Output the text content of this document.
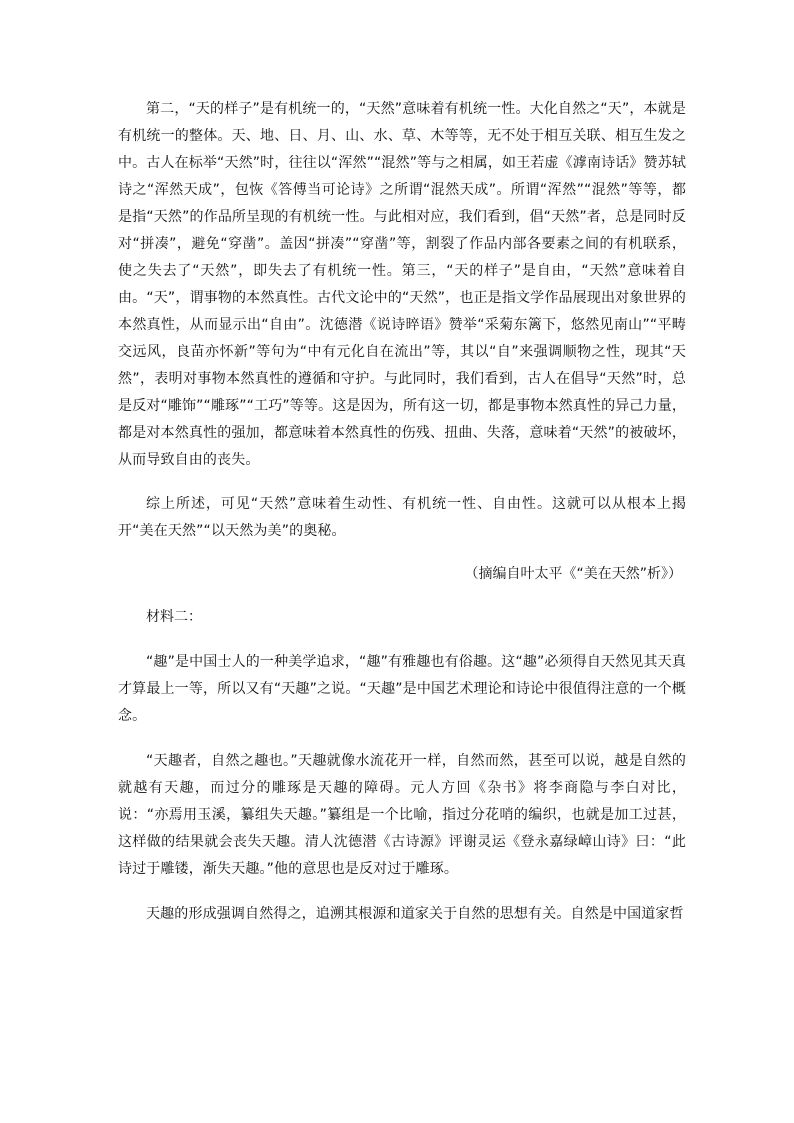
第二，“天的样子”是有机统一的，“天然”意味着有机统一性。大化自然之“天”，本就是有机统一的整体。天、地、日、月、山、水、草、木等等，无不处于相互关联、相互生发之中。古人在标举“天然”时，往往以“浑然”“混然”等与之相属，如王若虚《滹南诗话》赞苏轼诗之“浑然天成”，包恢《答傅当可论诗》之所谓“混然天成”。所谓“浑然”“混然”等等，都是指“天然”的作品所呈现的有机统一性。与此相对应，我们看到，倡“天然”者，总是同时反对“拼凑”，避免“穿凿”。盖因“拼凑”“穿凿”等，割裂了作品内部各要素之间的有机联系，使之失去了“天然”，即失去了有机统一性。第三，“天的样子”是自由，“天然”意味着自由。“天”，谓事物的本然真性。古代文论中的“天然”，也正是指文学作品展现出对象世界的本然真性，从而显示出“自由”。沈德潜《说诗晬语》赞举“采菊东篱下，悠然见南山”“平畴交远风，良苗亦怀新”等句为“中有元化自在流出”等，其以“自”来强调顺物之性，现其“天然”，表明对事物本然真性的遵循和守护。与此同时，我们看到，古人在倡导“天然”时，总是反对“雕饰”“雕琢”“工巧”等等。这是因为，所有这一切，都是事物本然真性的异己力量，都是对本然真性的强加，都意味着本然真性的伤残、扭曲、失落，意味着“天然”的被破坏，从而导致自由的丧失。

综上所述，可见“天然”意味着生动性、有机统一性、自由性。这就可以从根本上揭开“美在天然”“以天然为美”的奥秘。

（摘编自叶太平《“美在天然”析》）

材料二：

“趣”是中国士人的一种美学追求，“趣”有雅趣也有俗趣。这“趣”必须得自天然见其天真才算最上一等，所以又有“天趣”之说。“天趣”是中国艺术理论和诗论中很值得注意的一个概念。

“天趣者，自然之趣也。”天趣就像水流花开一样，自然而然，甚至可以说，越是自然的就越有天趣，而过分的雕琢是天趣的障碍。元人方回《杂书》将李商隐与李白对比，说：“亦焉用玉溪，纂组失天趣。”纂组是一个比喻，指过分花哨的编织，也就是加工过甚，这样做的结果就会丧失天趣。清人沈德潜《古诗源》评谢灵运《登永嘉绿嶂山诗》曰：“此诗过于雕镂，渐失天趣。”他的意思也是反对过于雕琢。

天趣的形成强调自然得之，追溯其根源和道家关于自然的思想有关。自然是中国道家哲
